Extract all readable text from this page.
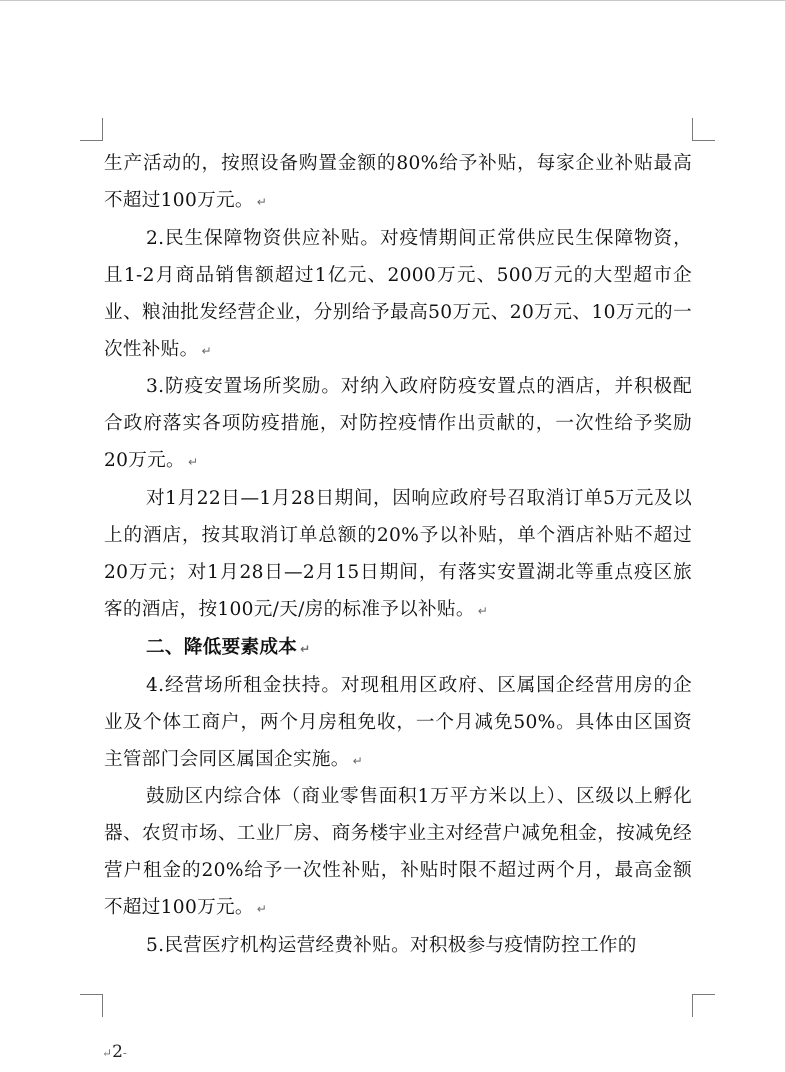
生产活动的，按照设备购置金额的80%给予补贴，每家企业补贴最高不超过100万元。 ↵

2.民生保障物资供应补贴。对疫情期间正常供应民生保障物资，且1-2月商品销售额超过1亿元、2000万元、500万元的大型超市企业、粮油批发经营企业，分别给予最高50万元、20万元、10万元的一次性补贴。 ↵

3.防疫安置场所奖励。对纳入政府防疫安置点的酒店，并积极配合政府落实各项防疫措施，对防控疫情作出贡献的，一次性给予奖励20万元。 ↵

对1月22日—1月28日期间，因响应政府号召取消订单5万元及以上的酒店，按其取消订单总额的20%予以补贴，单个酒店补贴不超过20万元；对1月28日—2月15日期间，有落实安置湖北等重点疫区旅客的酒店，按100元/天/房的标准予以补贴。 ↵

二、降低要素成本 ↵

4.经营场所租金扶持。对现租用区政府、区属国企经营用房的企业及个体工商户，两个月房租免收，一个月减免50%。具体由区国资主管部门会同区属国企实施。 ↵

鼓励区内综合体（商业零售面积1万平方米以上）、区级以上孵化器、农贸市场、工业厂房、商务楼宇业主对经营户减免租金，按减免经营户租金的20%给予一次性补贴，补贴时限不超过两个月，最高金额不超过100万元。 ↵

5.民营医疗机构运营经费补贴。对积极参与疫情防控工作的

↵2-
